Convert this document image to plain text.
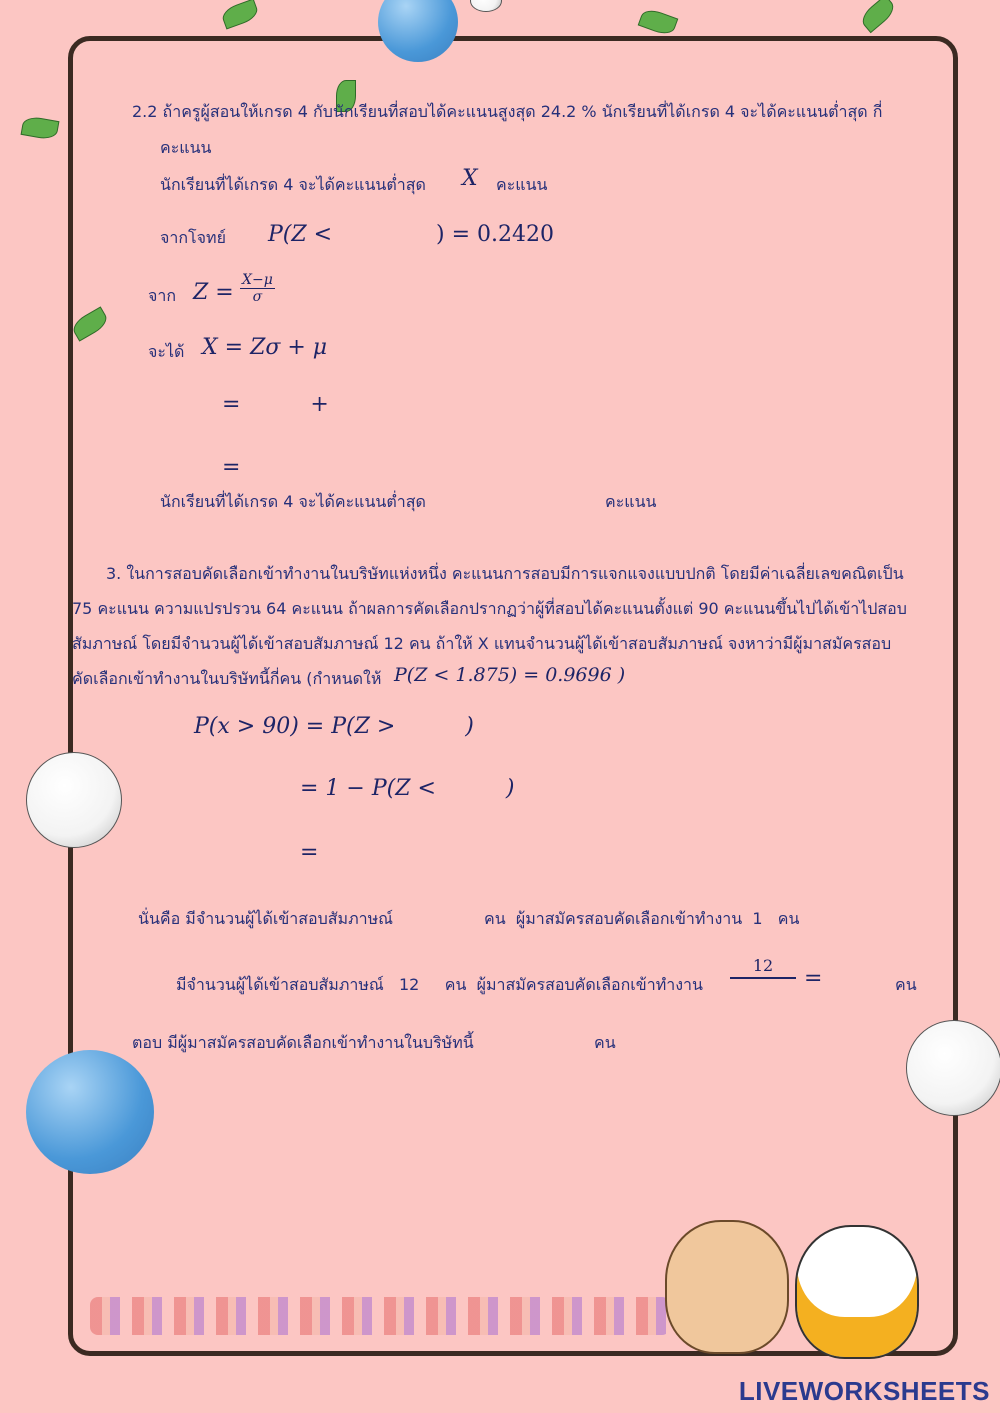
2.2 ถ้าครูผู้สอนให้เกรด 4 กับนักเรียนที่สอบได้คะแนนสูงสุด 24.2 % นักเรียนที่ได้เกรด 4 จะได้คะแนนต่ำสุด กี่
คะแนน
นักเรียนที่ได้เกรด 4 จะได้คะแนนต่ำสุด X คะแนน
จากโจทย์ P(Z <	) = 0.2420
จาก $Z = \frac{X-\mu}{\sigma}$
จะได้ X = Zσ + μ
=          +
=
นักเรียนที่ได้เกรด 4 จะได้คะแนนต่ำสุด	คะแนน
3. ในการสอบคัดเลือกเข้าทำงานในบริษัทแห่งหนึ่ง คะแนนการสอบมีการแจกแจงแบบปกติ โดยมีค่าเฉลี่ยเลขคณิตเป็น
75 คะแนน ความแปรปรวน 64 คะแนน ถ้าผลการคัดเลือกปรากฏว่าผู้ที่สอบได้คะแนนตั้งแต่ 90 คะแนนขึ้นไปได้เข้าไปสอบ
สัมภาษณ์ โดยมีจำนวนผู้ได้เข้าสอบสัมภาษณ์ 12 คน ถ้าให้ X แทนจำนวนผู้ได้เข้าสอบสัมภาษณ์ จงหาว่ามีผู้มาสมัครสอบ
คัดเลือกเข้าทำงานในบริษัทนี้กี่คน (กำหนดให้ P(Z < 1.875) = 0.9696 )
P(x > 90) = P(Z >          )
= 1 − P(Z <          )
=
นั่นคือ มีจำนวนผู้ได้เข้าสอบสัมภาษณ์	คน  ผู้มาสมัครสอบคัดเลือกเข้าทำงาน  1   คน
มีจำนวนผู้ได้เข้าสอบสัมภาษณ์   12     คน  ผู้มาสมัครสอบคัดเลือกเข้าทำงาน
12
=	คน
ตอบ มีผู้มาสมัครสอบคัดเลือกเข้าทำงานในบริษัทนี้	คน
LIVEWORKSHEETS
